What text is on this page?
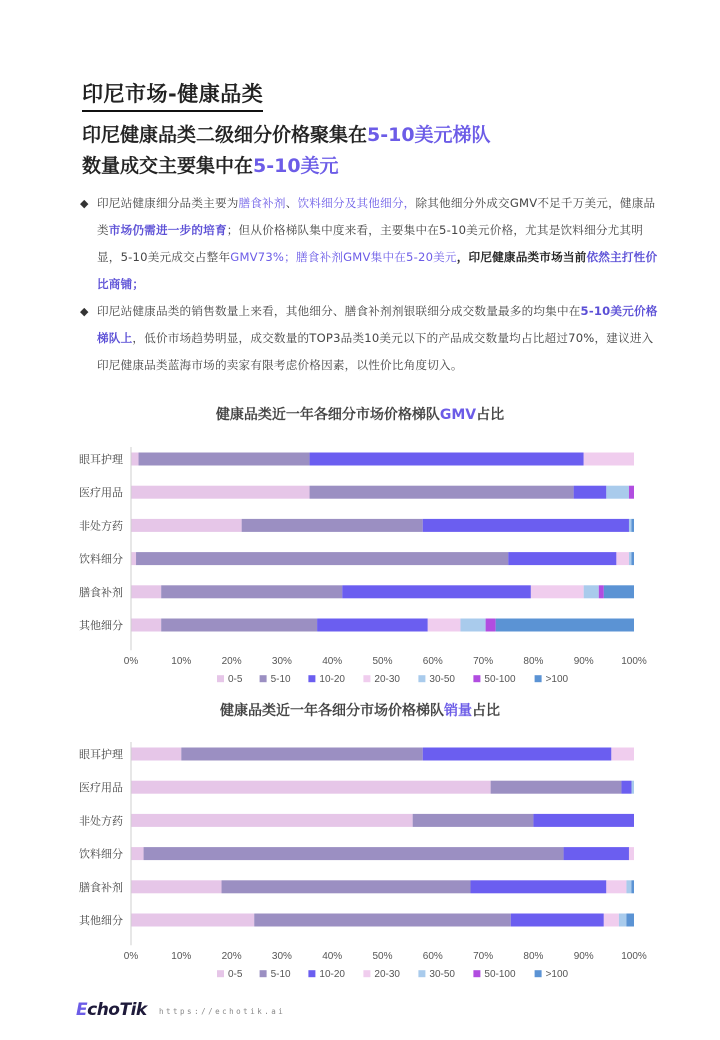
印尼市场-健康品类
印尼健康品类二级细分价格聚集在5-10美元梯队
数量成交主要集中在5-10美元
◆ 印尼站健康细分品类主要为膳食补剂、饮料细分及其他细分，除其他细分外成交GMV不足千万美元，健康品类市场仍需进一步的培育；但从价格梯队集中度来看，主要集中在5-10美元价格，尤其是饮料细分尤其明显，5-10美元成交占整年GMV73%；膳食补剂GMV集中在5-20美元，印尼健康品类市场当前依然主打性价比商铺；
◆ 印尼站健康品类的销售数量上来看，其他细分、膳食补剂剂银联细分成交数量最多的均集中在5-10美元价格梯队上，低价市场趋势明显，成交数量的TOP3品类10美元以下的产品成交数量均占比超过70%，建议进入印尼健康品类蓝海市场的卖家有限考虑价格因素，以性价比角度切入。
健康品类近一年各细分市场价格梯队GMV占比
0%	10%	20%	30%	40%	50%	60%	70%	80%	90%	100%
眼耳护理
医疗用品
非处方药
饮料细分
膳食补剂
其他细分
0-5	5-10	10-20	20-30	30-50	50-100	>100
健康品类近一年各细分市场价格梯队销量占比
0%	10%	20%	30%	40%	50%	60%	70%	80%	90%	100%
眼耳护理
医疗用品
非处方药
饮料细分
膳食补剂
其他细分
0-5	5-10	10-20	20-30	30-50	50-100	>100
EchoTik https://echotik.ai
